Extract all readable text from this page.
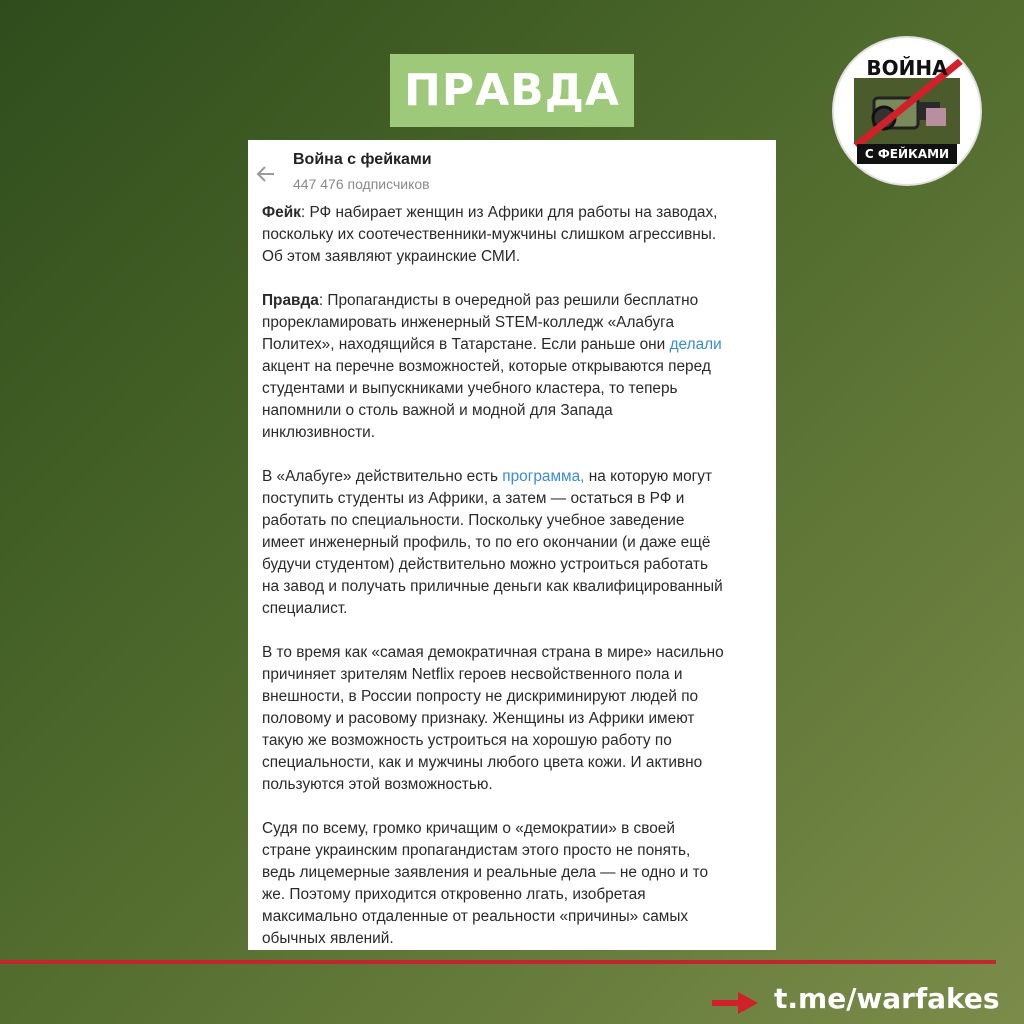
ПРАВДА	ВОЙНА
С ФЕЙКАМИ
Война с фейками
447 476 подписчиков

Фейк: РФ набирает женщин из Африки для работы на заводах,
поскольку их соотечественники-мужчины слишком агрессивны.
Об этом заявляют украинские СМИ.

Правда: Пропагандисты в очередной раз решили бесплатно
прорекламировать инженерный STEM-колледж «Алабуга
Политех», находящийся в Татарстане. Если раньше они делали
акцент на перечне возможностей, которые открываются перед
студентами и выпускниками учебного кластера, то теперь
напомнили о столь важной и модной для Запада
инклюзивности.

В «Алабуге» действительно есть программа, на которую могут
поступить студенты из Африки, а затем — остаться в РФ и
работать по специальности. Поскольку учебное заведение
имеет инженерный профиль, то по его окончании (и даже ещё
будучи студентом) действительно можно устроиться работать
на завод и получать приличные деньги как квалифицированный
специалист.

В то время как «самая демократичная страна в мире» насильно
причиняет зрителям Netflix героев несвойственного пола и
внешности, в России попросту не дискриминируют людей по
половому и расовому признаку. Женщины из Африки имеют
такую же возможность устроиться на хорошую работу по
специальности, как и мужчины любого цвета кожи. И активно
пользуются этой возможностью.

Судя по всему, громко кричащим о «демократии» в своей
стране украинским пропагандистам этого просто не понять,
ведь лицемерные заявления и реальные дела — не одно и то
же. Поэтому приходится откровенно лгать, изобретая
максимально отдаленные от реальности «причины» самых
обычных явлений.

t.me/warfakes
